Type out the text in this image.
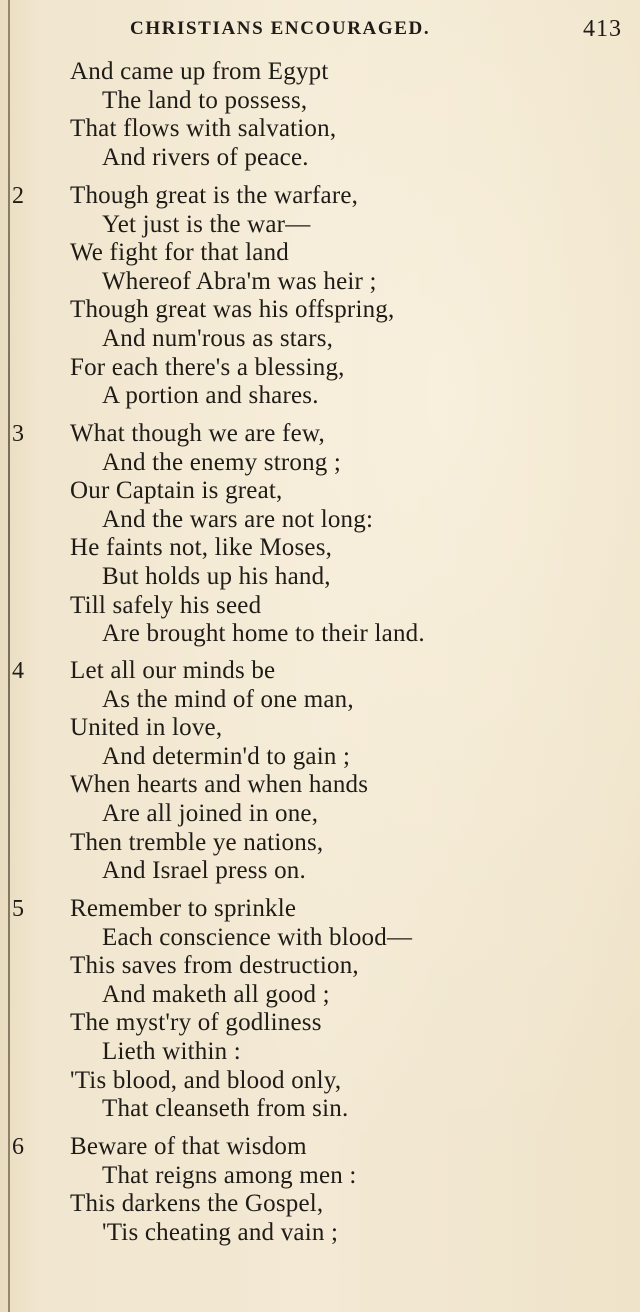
CHRISTIANS ENCOURAGED.	413
And came up from Egypt
The land to possess,
That flows with salvation,
And rivers of peace.
2 Though great is the warfare,
Yet just is the war—
We fight for that land
Whereof Abra'm was heir ;
Though great was his offspring,
And num'rous as stars,
For each there's a blessing,
A portion and shares.
3 What though we are few,
And the enemy strong ;
Our Captain is great,
And the wars are not long:
He faints not, like Moses,
But holds up his hand,
Till safely his seed
Are brought home to their land.
4 Let all our minds be
As the mind of one man,
United in love,
And determin'd to gain ;
When hearts and when hands
Are all joined in one,
Then tremble ye nations,
And Israel press on.
5 Remember to sprinkle
Each conscience with blood—
This saves from destruction,
And maketh all good ;
The myst'ry of godliness
Lieth within :
'Tis blood, and blood only,
That cleanseth from sin.
6 Beware of that wisdom
That reigns among men :
This darkens the Gospel,
'Tis cheating and vain ;
